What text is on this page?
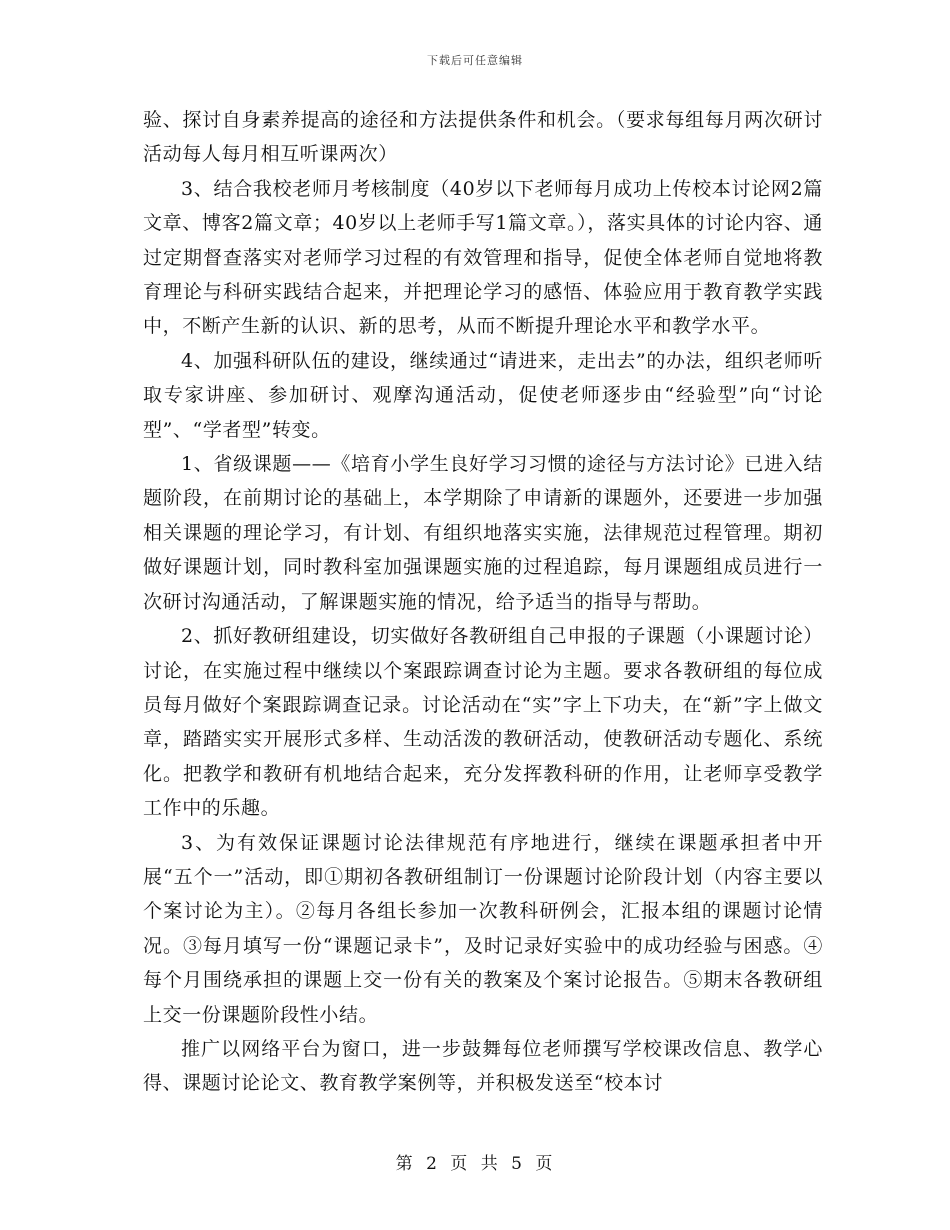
下载后可任意编辑

验、探讨自身素养提高的途径和方法提供条件和机会。（要求每组每月两次研讨活动每人每月相互听课两次）

3、结合我校老师月考核制度（40岁以下老师每月成功上传校本讨论网2篇文章、博客2篇文章；40岁以上老师手写1篇文章。），落实具体的讨论内容、通过定期督查落实对老师学习过程的有效管理和指导，促使全体老师自觉地将教育理论与科研实践结合起来，并把理论学习的感悟、体验应用于教育教学实践中，不断产生新的认识、新的思考，从而不断提升理论水平和教学水平。

4、加强科研队伍的建设，继续通过“请进来，走出去”的办法，组织老师听取专家讲座、参加研讨、观摩沟通活动，促使老师逐步由“经验型”向“讨论型”、“学者型”转变。

1、省级课题——《培育小学生良好学习习惯的途径与方法讨论》已进入结题阶段，在前期讨论的基础上，本学期除了申请新的课题外，还要进一步加强相关课题的理论学习，有计划、有组织地落实实施，法律规范过程管理。期初做好课题计划，同时教科室加强课题实施的过程追踪，每月课题组成员进行一次研讨沟通活动，了解课题实施的情况，给予适当的指导与帮助。

2、抓好教研组建设，切实做好各教研组自己申报的子课题（小课题讨论）讨论，在实施过程中继续以个案跟踪调查讨论为主题。要求各教研组的每位成员每月做好个案跟踪调查记录。讨论活动在“实”字上下功夫，在“新”字上做文章，踏踏实实开展形式多样、生动活泼的教研活动，使教研活动专题化、系统化。把教学和教研有机地结合起来，充分发挥教科研的作用，让老师享受教学工作中的乐趣。

3、为有效保证课题讨论法律规范有序地进行，继续在课题承担者中开展“五个一”活动，即①期初各教研组制订一份课题讨论阶段计划（内容主要以个案讨论为主）。②每月各组长参加一次教科研例会，汇报本组的课题讨论情况。③每月填写一份“课题记录卡”，及时记录好实验中的成功经验与困惑。④每个月围绕承担的课题上交一份有关的教案及个案讨论报告。⑤期末各教研组上交一份课题阶段性小结。

推广以网络平台为窗口，进一步鼓舞每位老师撰写学校课改信息、教学心得、课题讨论论文、教育教学案例等，并积极发送至“校本讨

第 2 页 共 5 页
